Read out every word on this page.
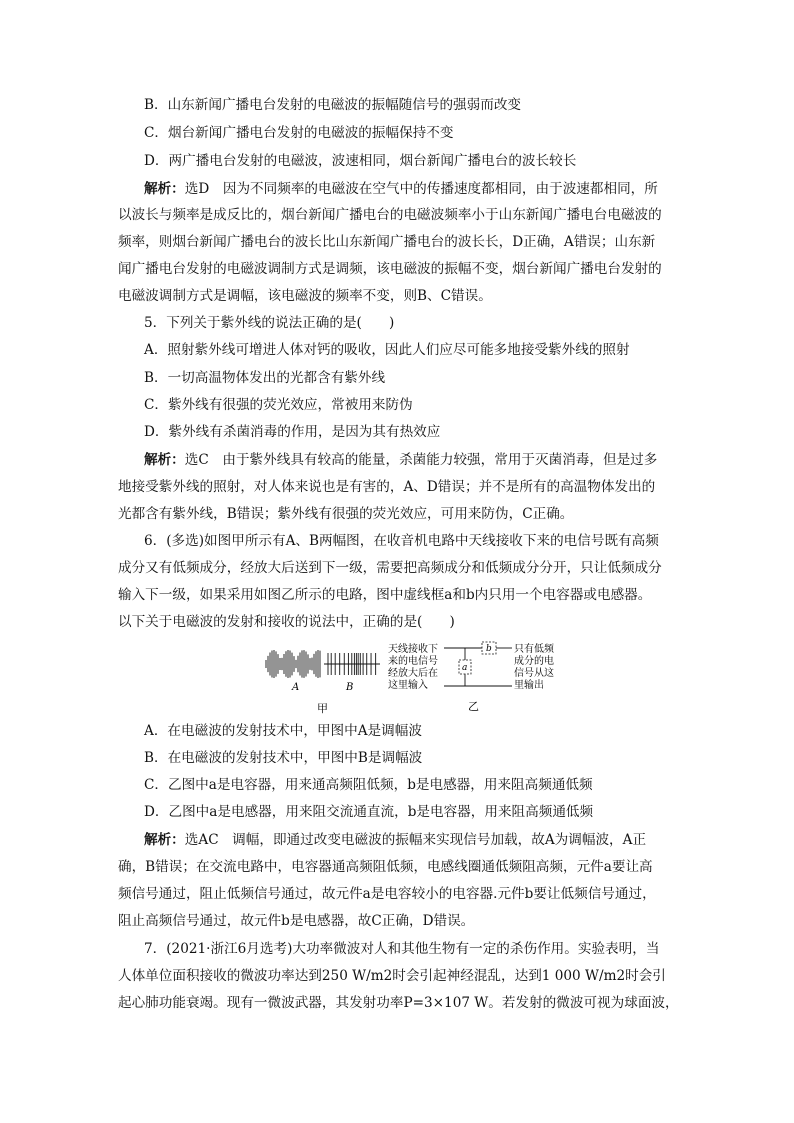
B．山东新闻广播电台发射的电磁波的振幅随信号的强弱而改变
C．烟台新闻广播电台发射的电磁波的振幅保持不变
D．两广播电台发射的电磁波，波速相同，烟台新闻广播电台的波长较长
解析：选D　因为不同频率的电磁波在空气中的传播速度都相同，由于波速都相同，所
以波长与频率是成反比的，烟台新闻广播电台的电磁波频率小于山东新闻广播电台电磁波的
频率，则烟台新闻广播电台的波长比山东新闻广播电台的波长长，D正确，A错误；山东新
闻广播电台发射的电磁波调制方式是调频，该电磁波的振幅不变，烟台新闻广播电台发射的
电磁波调制方式是调幅，该电磁波的频率不变，则B、C错误。
5．下列关于紫外线的说法正确的是(　　)
A．照射紫外线可增进人体对钙的吸收，因此人们应尽可能多地接受紫外线的照射
B．一切高温物体发出的光都含有紫外线
C．紫外线有很强的荧光效应，常被用来防伪
D．紫外线有杀菌消毒的作用，是因为其有热效应
解析：选C　由于紫外线具有较高的能量，杀菌能力较强，常用于灭菌消毒，但是过多
地接受紫外线的照射，对人体来说也是有害的，A、D错误；并不是所有的高温物体发出的
光都含有紫外线，B错误；紫外线有很强的荧光效应，可用来防伪，C正确。
6．(多选)如图甲所示有A、B两幅图，在收音机电路中天线接收下来的电信号既有高频
成分又有低频成分，经放大后送到下一级，需要把高频成分和低频成分分开，只让低频成分
输入下一级，如果采用如图乙所示的电路，图中虚线框a和b内只用一个电容器或电感器。
以下关于电磁波的发射和接收的说法中，正确的是(　　)
A	B
甲
天线接收下
来的电信号
经放大后在
这里输入
只有低频
成分的电
信号从这
里输出
b
a
乙
A．在电磁波的发射技术中，甲图中A是调幅波
B．在电磁波的发射技术中，甲图中B是调幅波
C．乙图中a是电容器，用来通高频阻低频，b是电感器，用来阻高频通低频
D．乙图中a是电感器，用来阻交流通直流，b是电容器，用来阻高频通低频
解析：选AC　调幅，即通过改变电磁波的振幅来实现信号加载，故A为调幅波，A正
确，B错误；在交流电路中，电容器通高频阻低频，电感线圈通低频阻高频，元件a要让高
频信号通过，阻止低频信号通过，故元件a是电容较小的电容器.元件b要让低频信号通过，
阻止高频信号通过，故元件b是电感器，故C正确，D错误。
7．(2021·浙江6月选考)大功率微波对人和其他生物有一定的杀伤作用。实验表明，当
人体单位面积接收的微波功率达到250 W/m2时会引起神经混乱，达到1 000 W/m2时会引
起心肺功能衰竭。现有一微波武器，其发射功率P=3×107 W。若发射的微波可视为球面波，
